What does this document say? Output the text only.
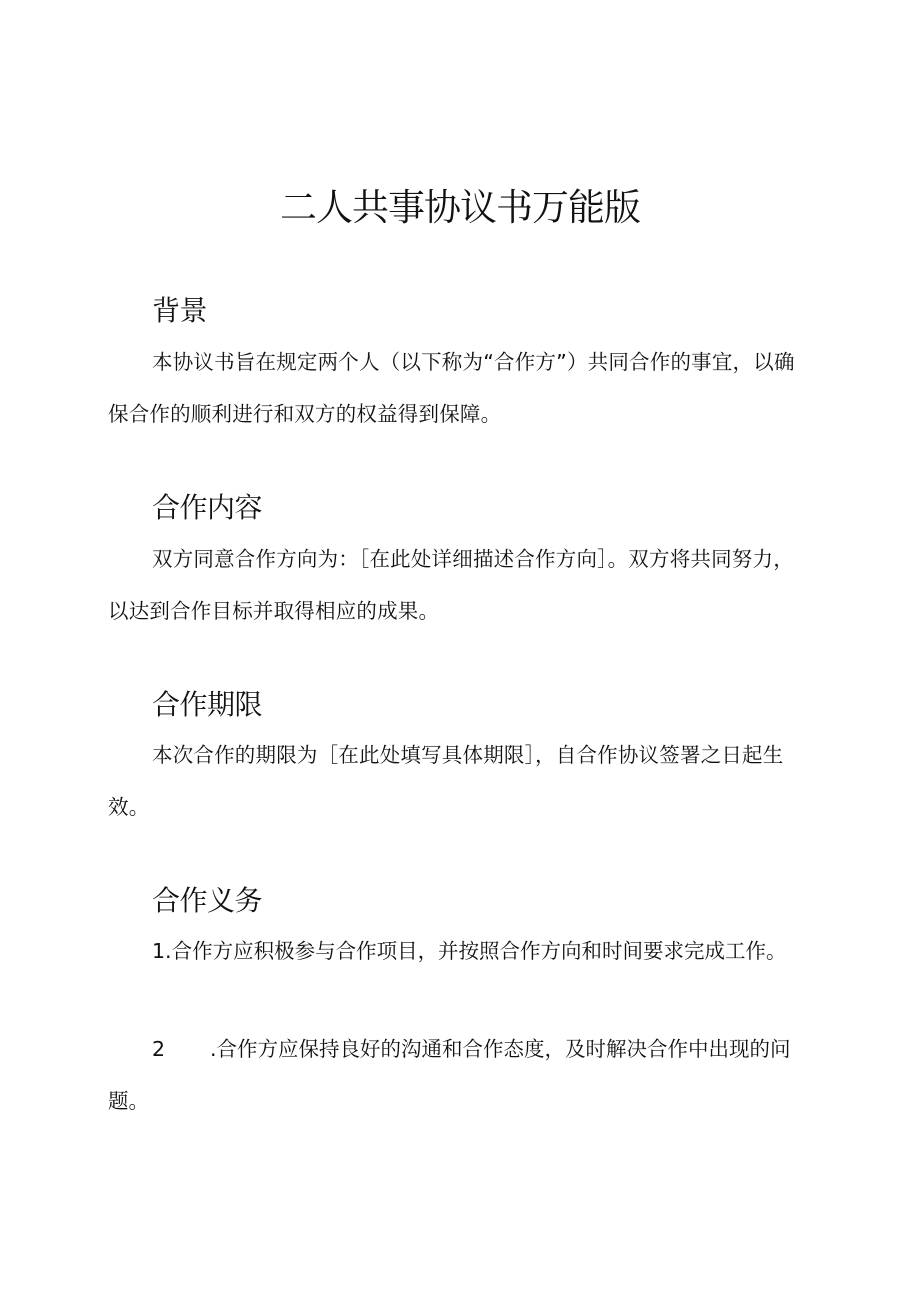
二人共事协议书万能版
背景

本协议书旨在规定两个人（以下称为“合作方”）共同合作的事宜，以确保合作的顺利进行和双方的权益得到保障。

合作内容

双方同意合作方向为：［在此处详细描述合作方向］。双方将共同努力，以达到合作目标并取得相应的成果。

合作期限

本次合作的期限为［在此处填写具体期限］，自合作协议签署之日起生效。

合作义务

1.合作方应积极参与合作项目，并按照合作方向和时间要求完成工作。

2 .合作方应保持良好的沟通和合作态度，及时解决合作中出现的问题。
